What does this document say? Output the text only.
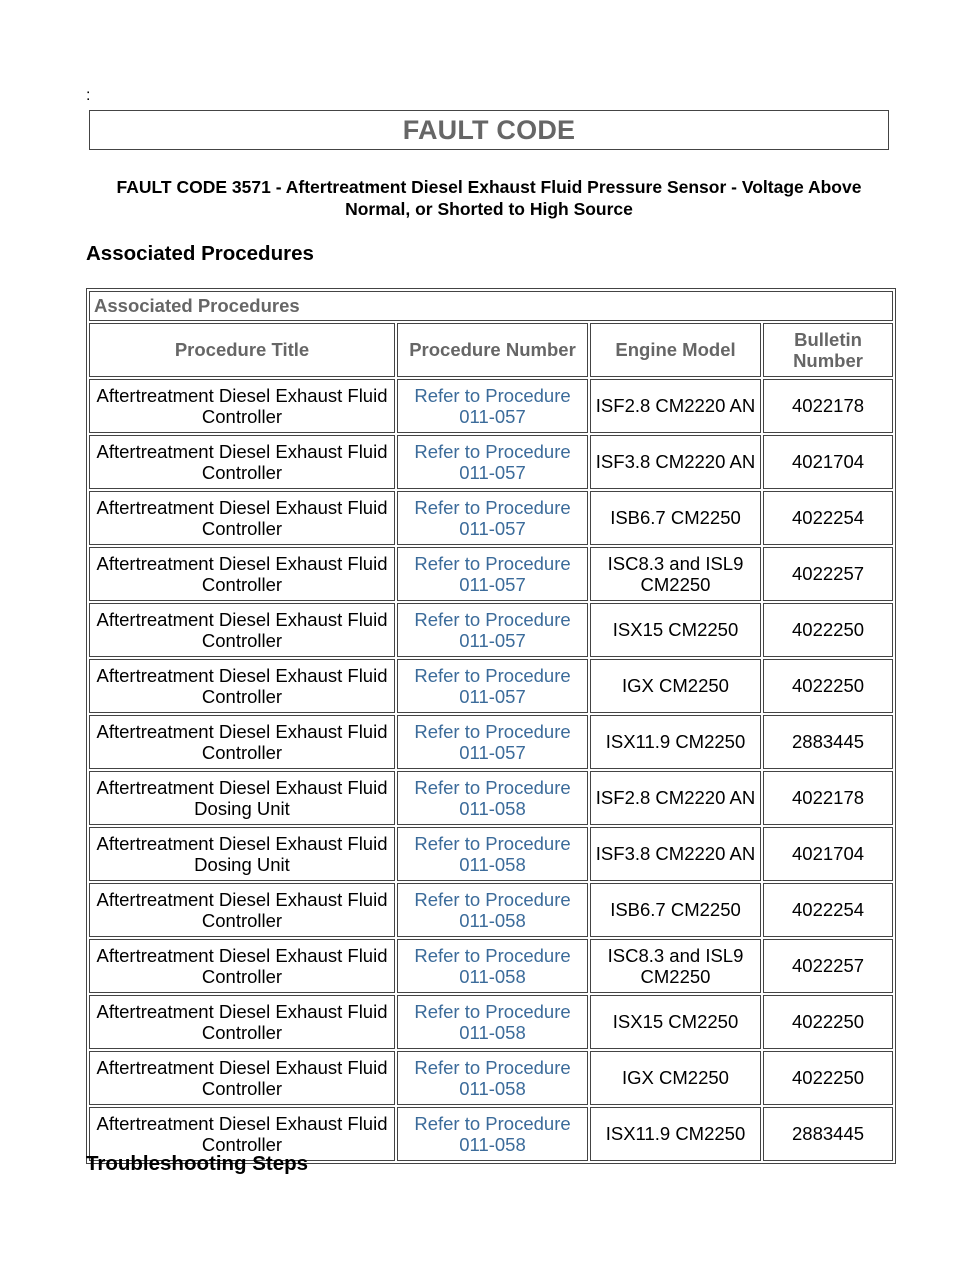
:
FAULT CODE
FAULT CODE 3571 - Aftertreatment Diesel Exhaust Fluid Pressure Sensor - Voltage Above Normal, or Shorted to High Source
Associated Procedures
Associated Procedures			
Procedure Title	Procedure Number	Engine Model	Bulletin Number
Aftertreatment Diesel Exhaust Fluid Controller	Refer to Procedure 011-057	ISF2.8 CM2220 AN	4022178
Aftertreatment Diesel Exhaust Fluid Controller	Refer to Procedure 011-057	ISF3.8 CM2220 AN	4021704
Aftertreatment Diesel Exhaust Fluid Controller	Refer to Procedure 011-057	ISB6.7 CM2250	4022254
Aftertreatment Diesel Exhaust Fluid Controller	Refer to Procedure 011-057	ISC8.3 and ISL9 CM2250	4022257
Aftertreatment Diesel Exhaust Fluid Controller	Refer to Procedure 011-057	ISX15 CM2250	4022250
Aftertreatment Diesel Exhaust Fluid Controller	Refer to Procedure 011-057	IGX CM2250	4022250
Aftertreatment Diesel Exhaust Fluid Controller	Refer to Procedure 011-057	ISX11.9 CM2250	2883445
Aftertreatment Diesel Exhaust Fluid Dosing Unit	Refer to Procedure 011-058	ISF2.8 CM2220 AN	4022178
Aftertreatment Diesel Exhaust Fluid Dosing Unit	Refer to Procedure 011-058	ISF3.8 CM2220 AN	4021704
Aftertreatment Diesel Exhaust Fluid Controller	Refer to Procedure 011-058	ISB6.7 CM2250	4022254
Aftertreatment Diesel Exhaust Fluid Controller	Refer to Procedure 011-058	ISC8.3 and ISL9 CM2250	4022257
Aftertreatment Diesel Exhaust Fluid Controller	Refer to Procedure 011-058	ISX15 CM2250	4022250
Aftertreatment Diesel Exhaust Fluid Controller	Refer to Procedure 011-058	IGX CM2250	4022250
Aftertreatment Diesel Exhaust Fluid Controller	Refer to Procedure 011-058	ISX11.9 CM2250	2883445
Troubleshooting Steps
